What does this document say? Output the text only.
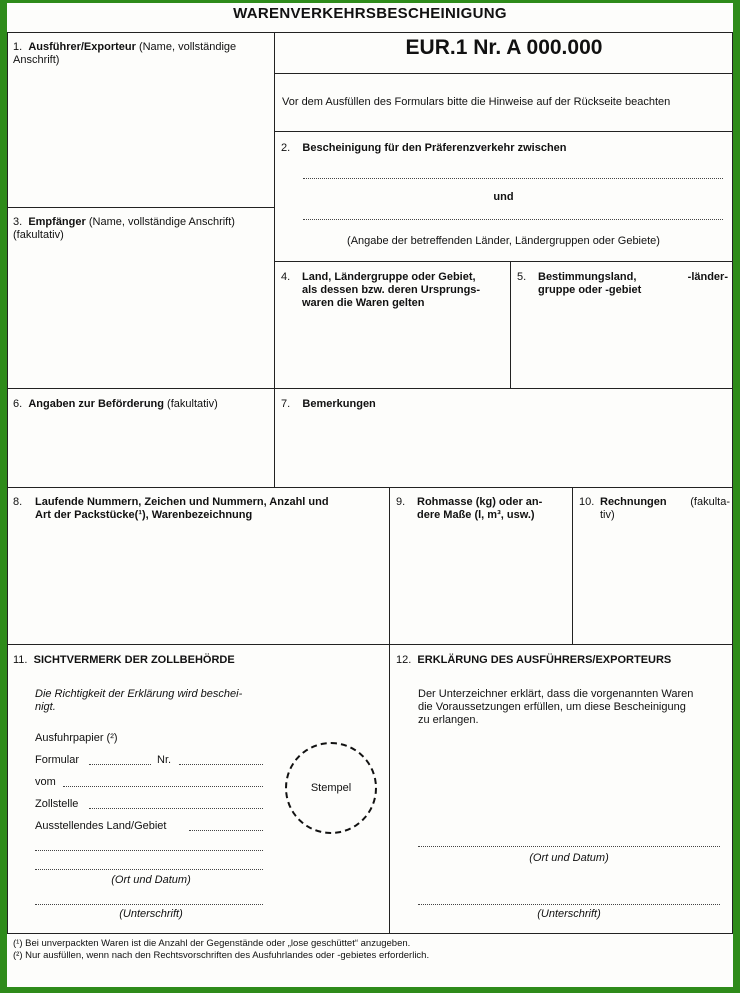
WARENVERKEHRSBESCHEINIGUNG
1. Ausführer/Exporteur (Name, vollständige
Anschrift)
EUR.1 Nr. A 000.000
Vor dem Ausfüllen des Formulars bitte die Hinweise auf der Rückseite beachten
2. Bescheinigung für den Präferenzverkehr zwischen
und
(Angabe der betreffenden Länder, Ländergruppen oder Gebiete)
3. Empfänger (Name, vollständige Anschrift)
(fakultativ)
4. Land, Ländergruppe oder Gebiet,
als dessen bzw. deren Ursprungs-
waren die Waren gelten
5. Bestimmungsland,	-länder-

gruppe oder -gebiet
6. Angaben zur Beförderung (fakultativ)	7. Bemerkungen
8. Laufende Nummern, Zeichen und Nummern, Anzahl und
Art der Packstücke(¹), Warenbezeichnung
9. Rohmasse (kg) oder an-
dere Maße (l, m³, usw.)
10. Rechnungen (fakulta-

tiv)
11. SICHTVERMERK DER ZOLLBEHÖRDE
Die Richtigkeit der Erklärung wird beschei-
nigt.
Ausfuhrpapier (²)
Formular	Nr.
vom
Zollstelle
Ausstellendes Land/Gebiet
(Ort und Datum)
(Unterschrift)
Stempel
12. ERKLÄRUNG DES AUSFÜHRERS/EXPORTEURS
Der Unterzeichner erklärt, dass die vorgenannten Waren
die Voraussetzungen erfüllen, um diese Bescheinigung
zu erlangen.
(Ort und Datum)
(Unterschrift)
(¹) Bei unverpackten Waren ist die Anzahl der Gegenstände oder „lose geschüttet“ anzugeben.
(²) Nur ausfüllen, wenn nach den Rechtsvorschriften des Ausfuhrlandes oder -gebietes erforderlich.
